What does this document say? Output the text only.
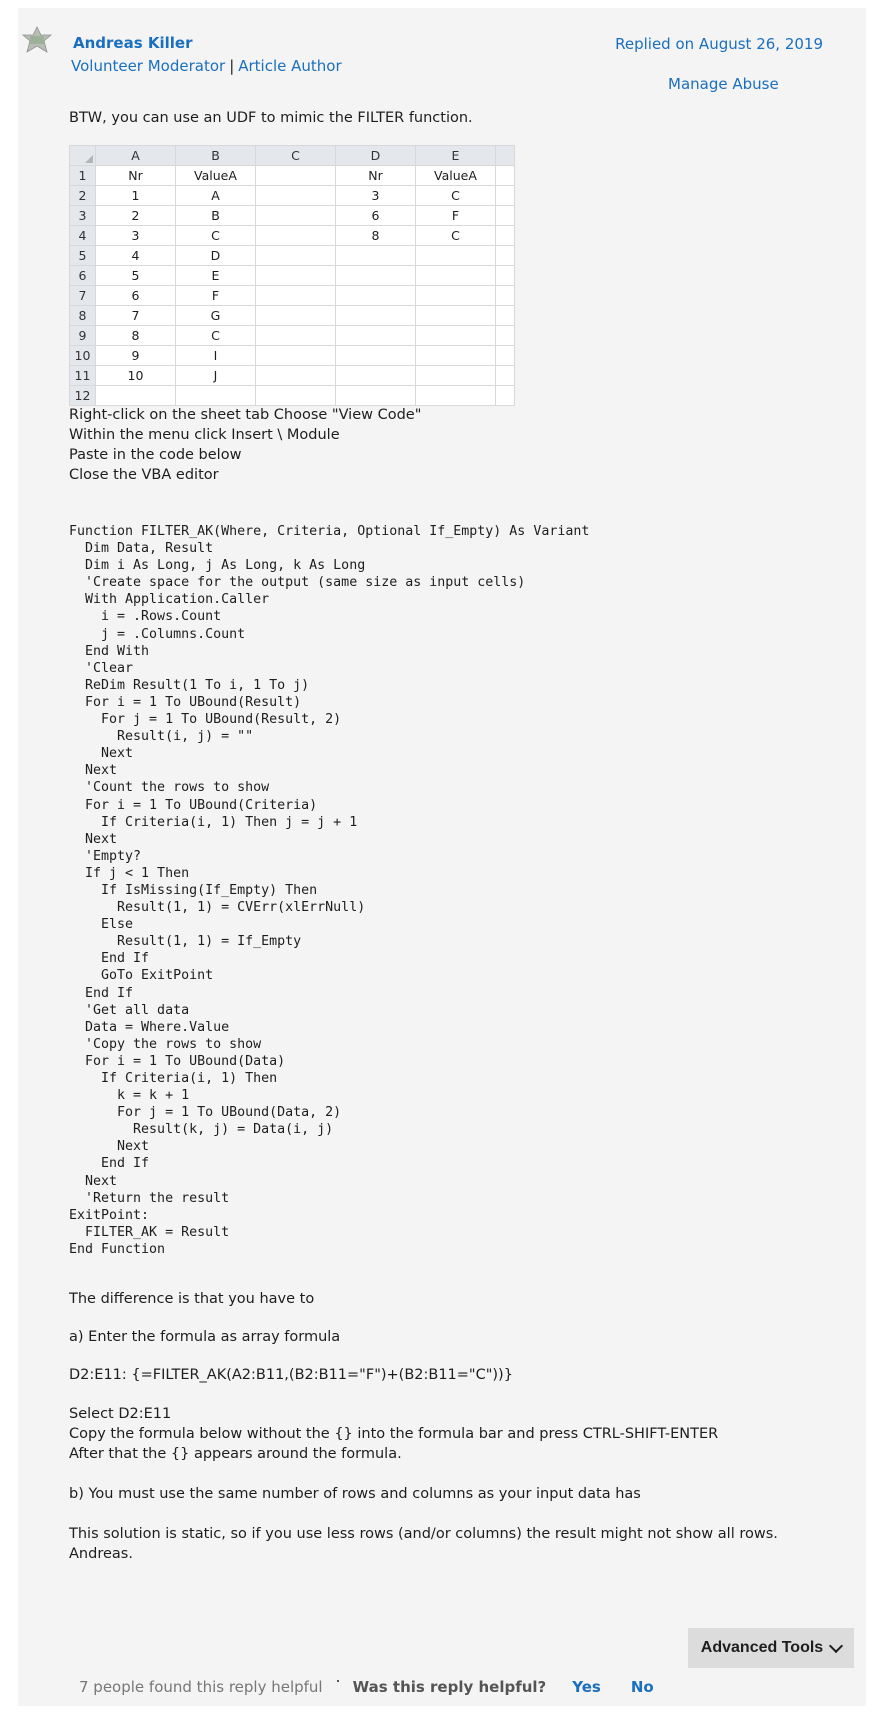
Andreas Killer
Volunteer Moderator | Article Author
Replied on August 26, 2019
Manage Abuse
BTW, you can use an UDF to mimic the FILTER function.
	A	B	C	D	E	
1	Nr	ValueA		Nr	ValueA	
2	1	A		3	C	
3	2	B		6	F	
4	3	C		8	C	
5	4	D				
6	5	E				
7	6	F				
8	7	G				
9	8	C				
10	9	I				
11	10	J				
12						
Right-click on the sheet tab Choose "View Code"
Within the menu click Insert \ Module
Paste in the code below
Close the VBA editor
Function FILTER_AK(Where, Criteria, Optional If_Empty) As Variant
Dim Data, Result
Dim i As Long, j As Long, k As Long
'Create space for the output (same size as input cells)
With Application.Caller
i = .Rows.Count
j = .Columns.Count
End With
'Clear
ReDim Result(1 To i, 1 To j)
For i = 1 To UBound(Result)
For j = 1 To UBound(Result, 2)
Result(i, j) = ""
Next
Next
'Count the rows to show
For i = 1 To UBound(Criteria)
If Criteria(i, 1) Then j = j + 1
Next
'Empty?
If j < 1 Then
If IsMissing(If_Empty) Then
Result(1, 1) = CVErr(xlErrNull)
Else
Result(1, 1) = If_Empty
End If
GoTo ExitPoint
End If
'Get all data
Data = Where.Value
'Copy the rows to show
For i = 1 To UBound(Data)
If Criteria(i, 1) Then
k = k + 1
For j = 1 To UBound(Data, 2)
Result(k, j) = Data(i, j)
Next
End If
Next
'Return the result
ExitPoint:
FILTER_AK = Result
End Function
The difference is that you have to
a) Enter the formula as array formula
D2:E11: {=FILTER_AK(A2:B11,(B2:B11="F")+(B2:B11="C"))}
Select D2:E11
Copy the formula below without the {} into the formula bar and press CTRL-SHIFT-ENTER
After that the {} appears around the formula.
b) You must use the same number of rows and columns as your input data has
This solution is static, so if you use less rows (and/or columns) the result might not show all rows.
Andreas.
Advanced Tools
7 people found this reply helpful Was this reply helpful? Yes No
